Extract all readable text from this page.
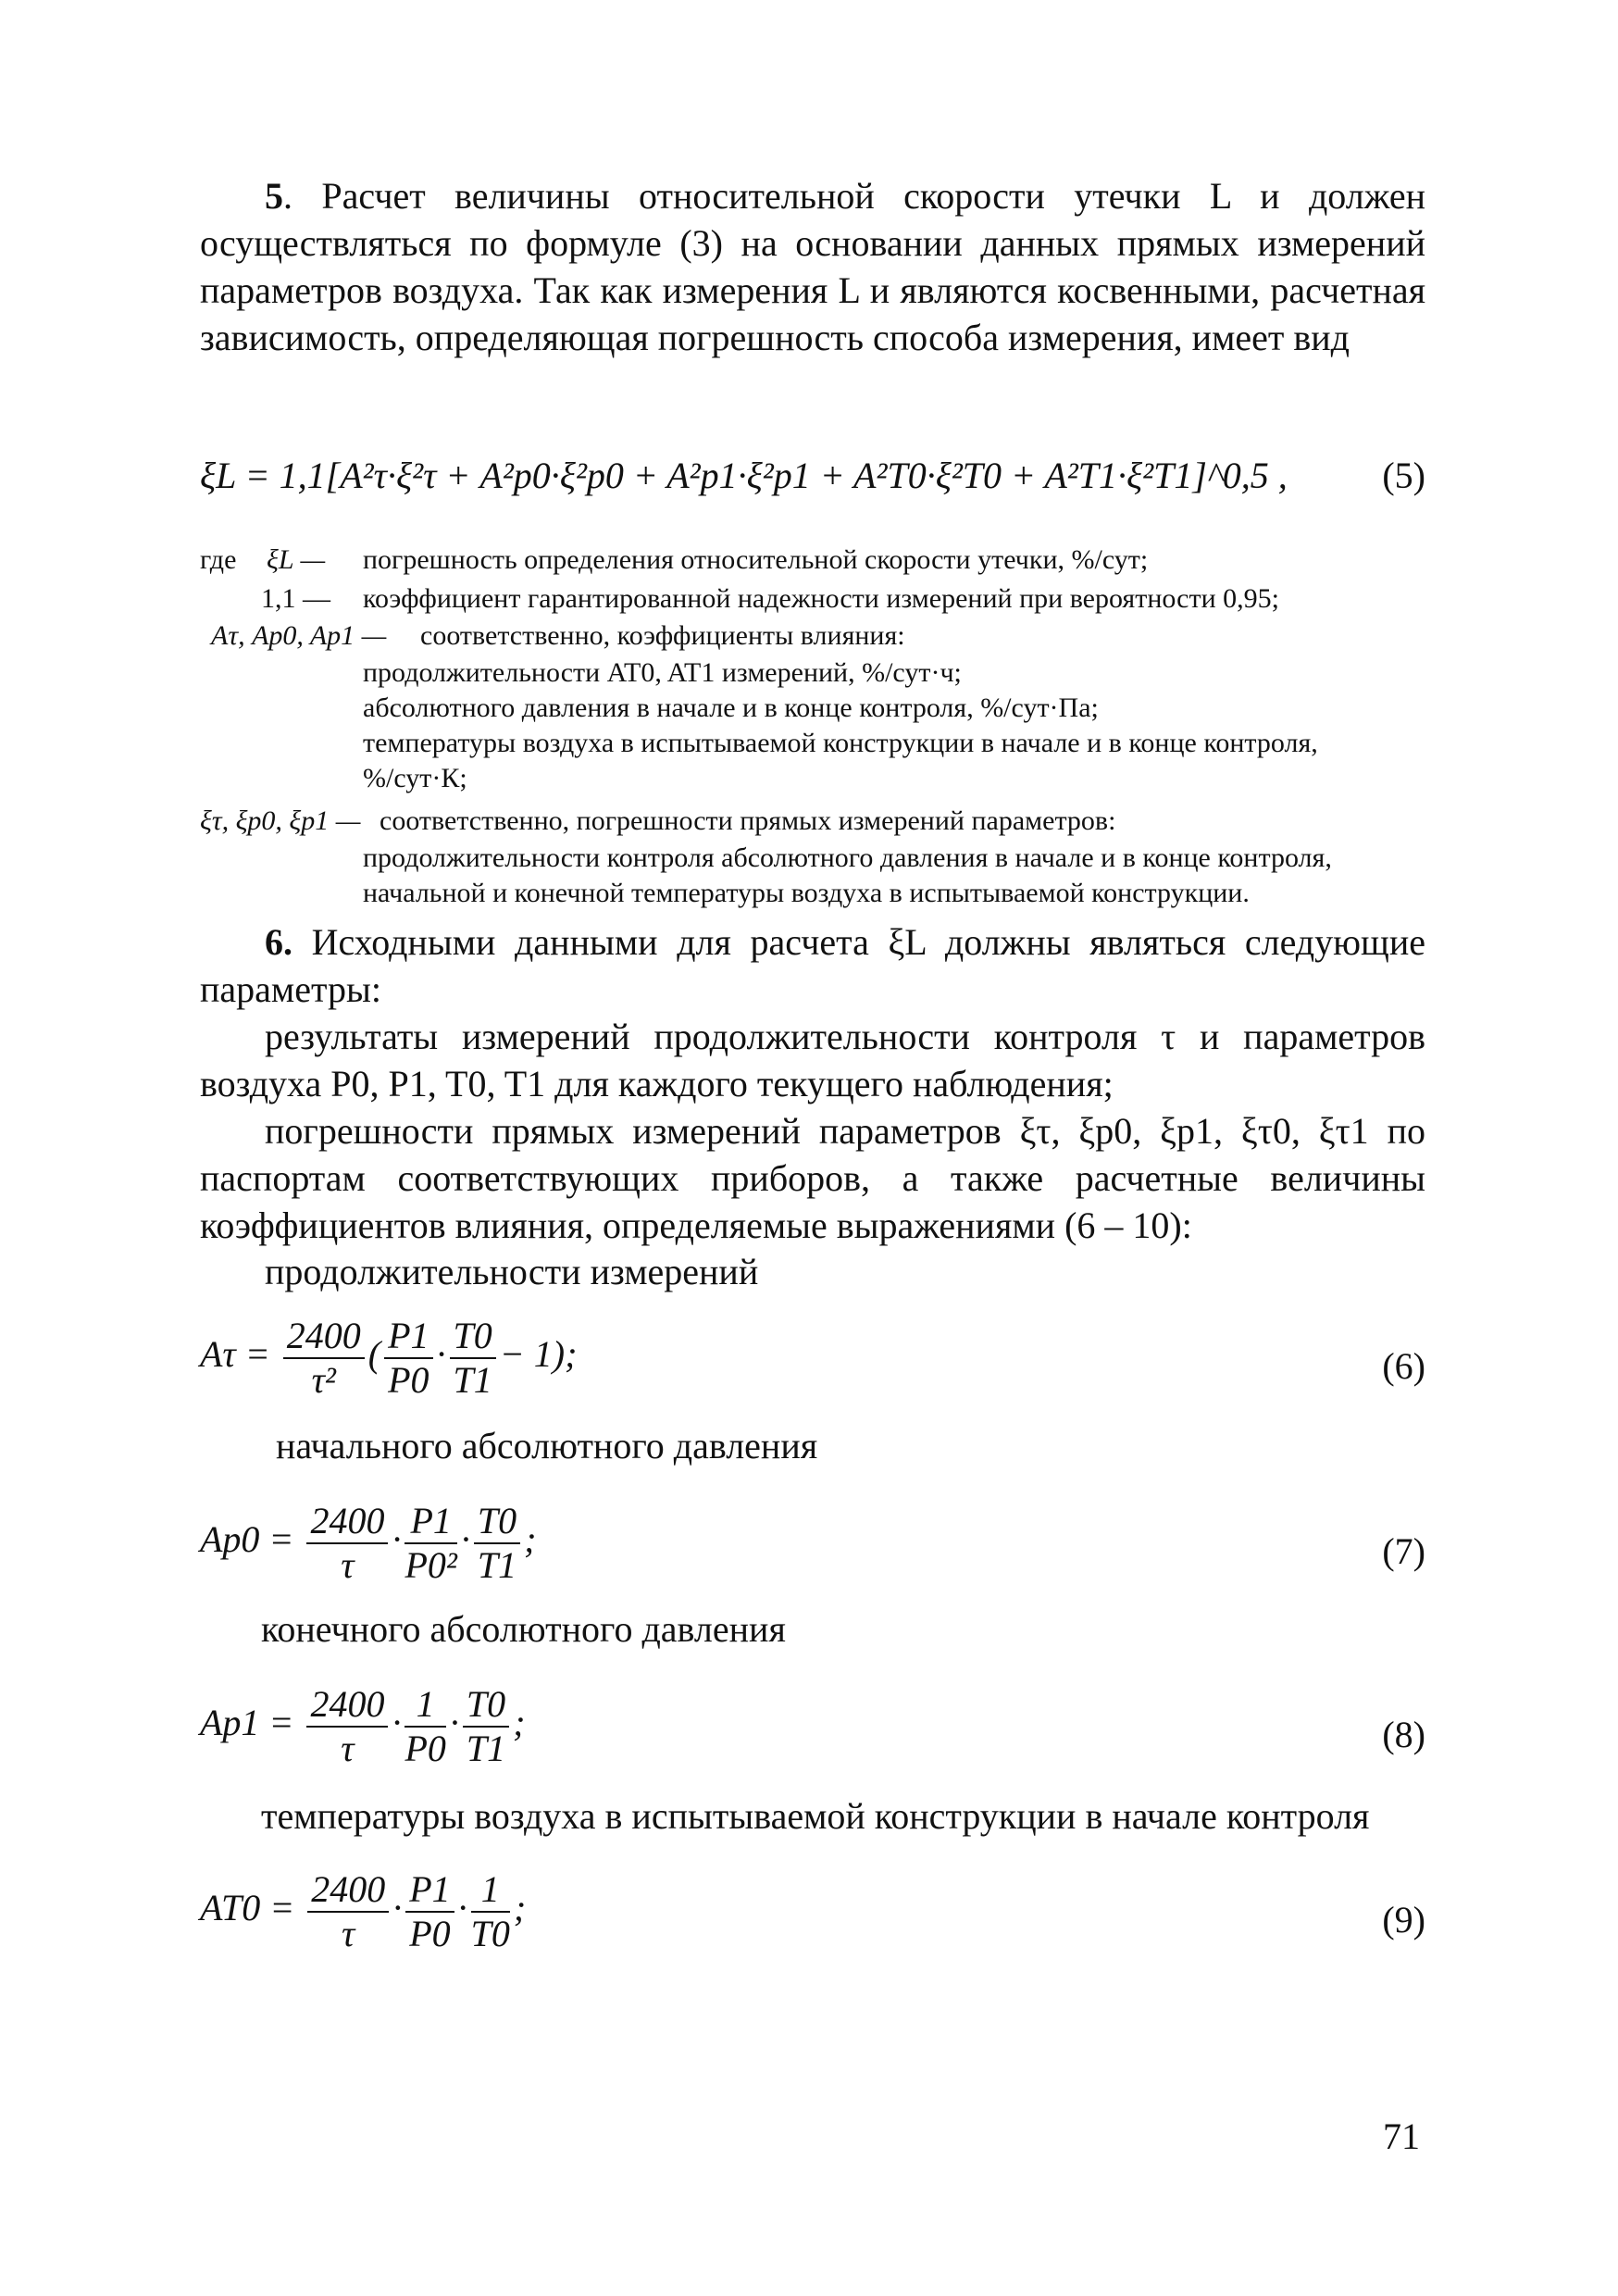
5. Расчет величины относительной скорости утечки L и должен осуществляться по формуле (3) на основании данных прямых измерений параметров воздуха. Так как измерения L и являются косвенными, расчетная зависимость, определяющая погрешность способа измерения, имеет вид

ξL = 1,1[A²τ·ξ²τ + A²p0·ξ²p0 + A²p1·ξ²p1 + A²T0·ξ²T0 + A²T1·ξ²T1]^0,5 ,	(5)
где ξL — погрешность определения относительной скорости утечки, %/сут;
1,1 — коэффициент гарантированной надежности измерений при вероятности 0,95;
Aτ, Ap0, Ap1 — соответственно, коэффициенты влияния:
продолжительности AT0, AT1 измерений, %/сут·ч;
абсолютного давления в начале и в конце контроля, %/сут·Па;
температуры воздуха в испытываемой конструкции в начале и в конце контроля,
%/сут·К;
ξτ, ξp0, ξp1 — соответственно, погрешности прямых измерений параметров:
продолжительности контроля абсолютного давления в начале и в конце контроля,
начальной и конечной температуры воздуха в испытываемой конструкции.

6. Исходными данными для расчета ξL должны являться следующие параметры:

результаты измерений продолжительности контроля τ и параметров воздуха P0, P1, T0, T1 для каждого текущего наблюдения;

погрешности прямых измерений параметров ξτ, ξp0, ξp1, ξτ0, ξτ1 по паспортам соответствующих приборов, а также расчетные величины коэффициентов влияния, определяемые выражениями (6 – 10):

продолжительности измерений

$A\tau = \frac{2400}{\text{τ²}}$ ( $\frac{P1}{P0} \cdot \frac{T0}{T1} - 1$);	(6)
начального абсолютного давления
$Ap0 = \frac{2400}{\tau} \cdot \frac{P1}{\text{P0²}} \cdot \frac{T0}{T1}$ ;	(7)
конечного абсолютного давления
$Ap1 = \frac{2400}{\tau} \cdot \frac{1}{P0} \cdot \frac{T0}{T1}$ ;	(8)
температуры воздуха в испытываемой конструкции в начале контроля
$AT0 = \frac{2400}{\tau} \cdot \frac{P1}{P0} \cdot \frac{1}{T0}$ ;	(9)
71
